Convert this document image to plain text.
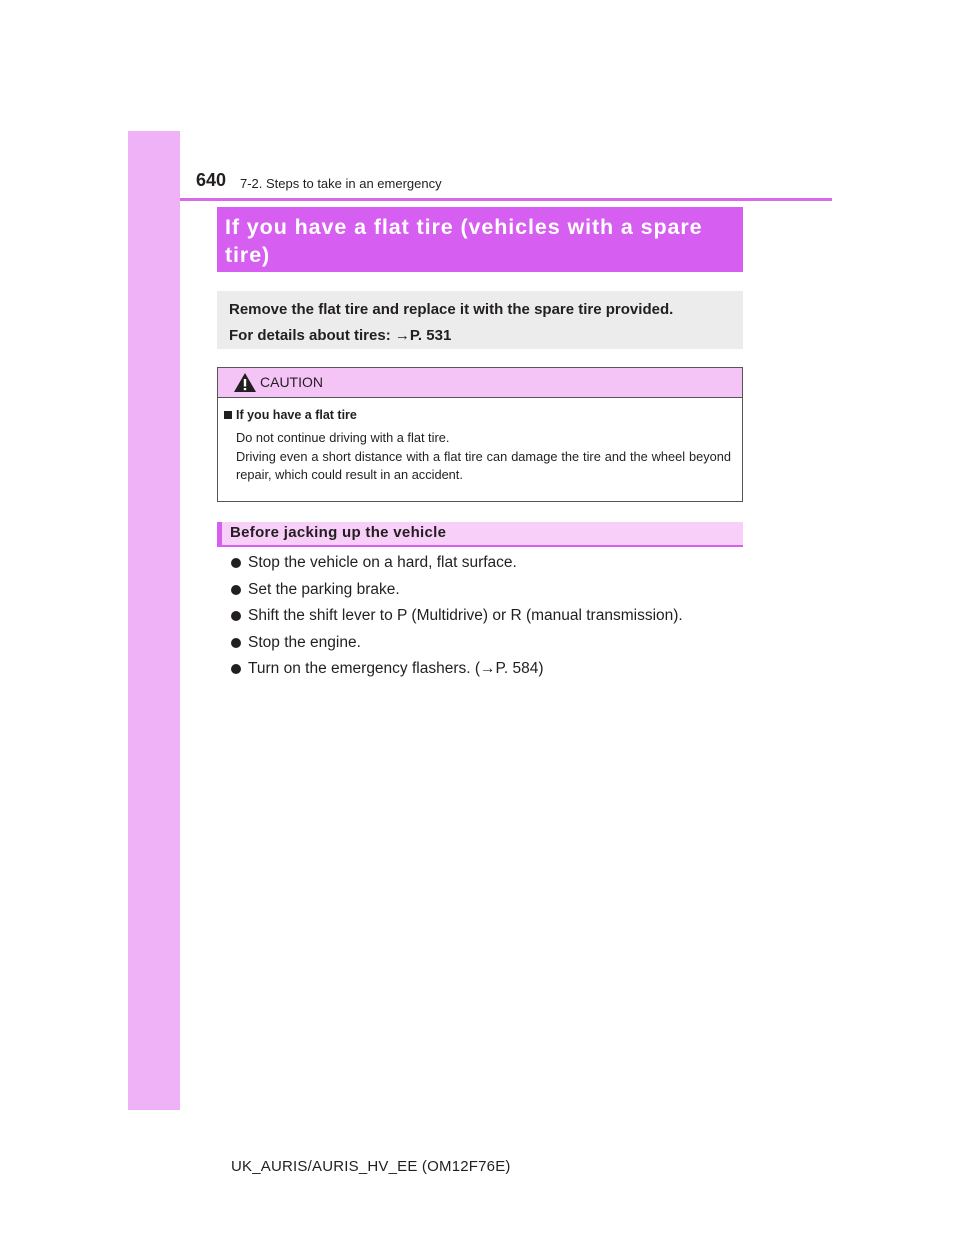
640 7-2. Steps to take in an emergency
If you have a flat tire (vehicles with a spare tire)
Remove the flat tire and replace it with the spare tire provided.
For details about tires: →P. 531
CAUTION
If you have a flat tire
Do not continue driving with a flat tire.
Driving even a short distance with a flat tire can damage the tire and the wheel beyond repair, which could result in an accident.
Before jacking up the vehicle
Stop the vehicle on a hard, flat surface.
Set the parking brake.
Shift the shift lever to P (Multidrive) or R (manual transmission).
Stop the engine.
Turn on the emergency flashers. (→P. 584)
UK_AURIS/AURIS_HV_EE (OM12F76E)
